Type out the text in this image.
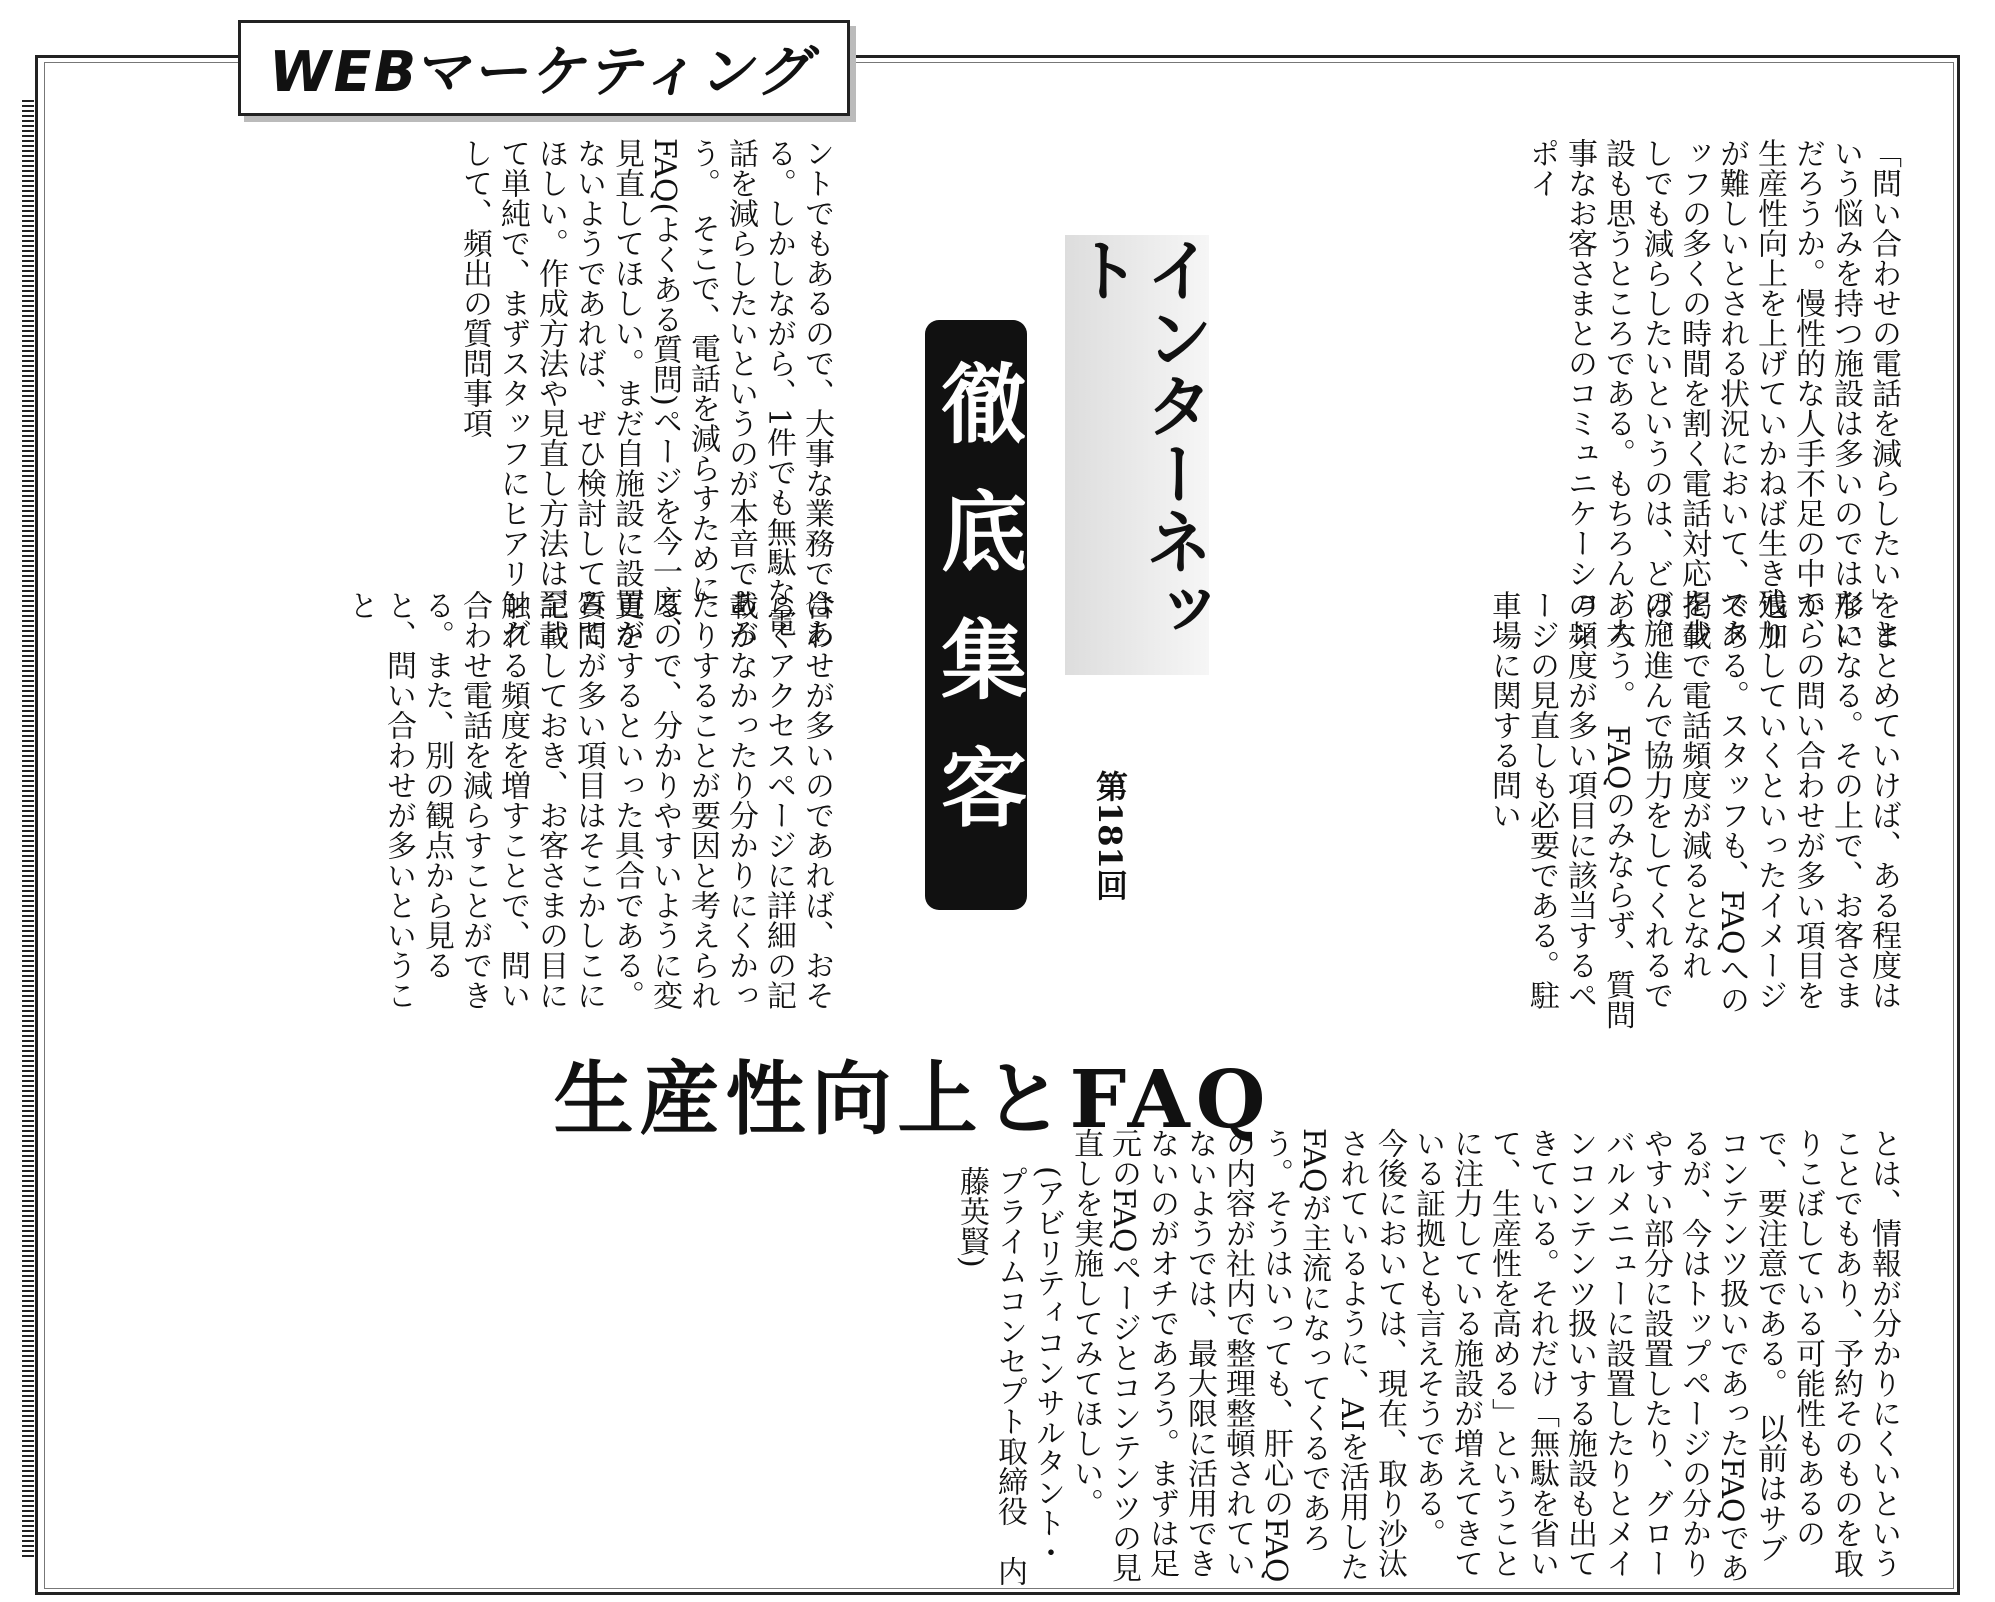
WEBマーケティング

「問い合わせの電話を減らしたい」という悩みを持つ施設は多いのではないだろうか。慢性的な人手不足の中で、生産性向上を上げていかねば生き残りが難しいとされる状況において、スタッフの多くの時間を割く電話対応を少しでも減らしたいというのは、どの施設も思うところである。もちろん、大事なお客さまとのコミュニケーションポイ

ントでもあるので、大事な業務ではある。しかしながら、1件でも無駄な電話を減らしたいというのが本音であろう。　そこで、電話を減らすためにFAQ(よくある質問)ページを今一度、見直してほしい。まだ自施設に設置がないようであれば、ぜひ検討してみてほしい。作成方法や見直し方法は至って単純で、まずスタッフにヒアリングして、頻出の質問事項

をまとめていけば、ある程度は形になる。その上で、お客さまからの問い合わせが多い項目を追加していくといったイメージである。スタッフも、FAQへの掲載で電話頻度が減るとなれば、進んで協力をしてくれるであろう。　FAQのみならず、質問の頻度が多い項目に該当するページの見直しも必要である。駐車場に関する問い

合わせが多いのであれば、おそらくアクセスページに詳細の記載がなかったり分かりにくかったりすることが要因と考えられるので、分かりやすいように変更をするといった具合である。　質問が多い項目はそこかしこに記載しておき、お客さまの目に触れる頻度を増すことで、問い合わせ電話を減らすことができる。また、別の観点から見ると、問い合わせが多いということ	インターネット
徹底集客 第181回
生産性向上とFAQ

とは、情報が分かりにくいということでもあり、予約そのものを取りこぼしている可能性もあるので、要注意である。　以前はサブコンテンツ扱いであったFAQであるが、今はトップページの分かりやすい部分に設置したり、グローバルメニューに設置したりとメインコンテンツ扱いする施設も出てきている。それだけ「無駄を省いて、生産性を高める」ということに注力している施設が増えてきている証拠とも言えそうである。　今後においては、現在、取り沙汰されているように、AIを活用したFAQが主流になってくるであろう。そうはいっても、肝心のFAQの内容が社内で整理整頓されていないようでは、最大限に活用できないのがオチであろう。まずは足元のFAQページとコンテンツの見直しを実施してみてほしい。

(アビリティコンサルタント・プライムコンセプト取締役　内藤英賢)
